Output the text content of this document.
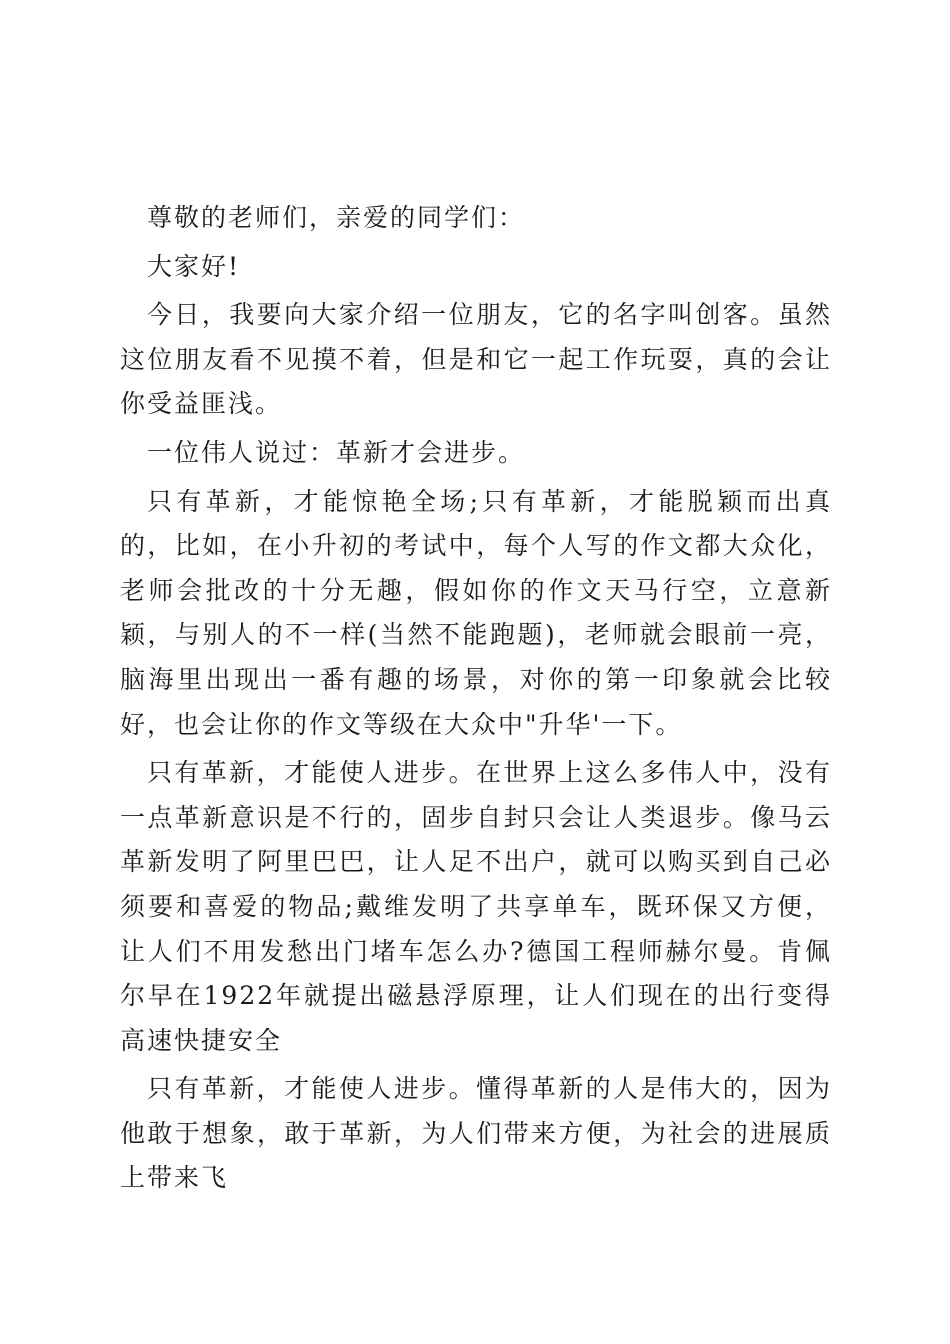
尊敬的老师们，亲爱的同学们：

大家好!

今日，我要向大家介绍一位朋友，它的名字叫创客。虽然这位朋友看不见摸不着，但是和它一起工作玩耍，真的会让你受益匪浅。

一位伟人说过：革新才会进步。

只有革新，才能惊艳全场;只有革新，才能脱颖而出真的，比如，在小升初的考试中，每个人写的作文都大众化，老师会批改的十分无趣，假如你的作文天马行空，立意新颖，与别人的不一样(当然不能跑题)，老师就会眼前一亮，脑海里出现出一番有趣的场景，对你的第一印象就会比较好，也会让你的作文等级在大众中"升华'一下。

只有革新，才能使人进步。在世界上这么多伟人中，没有一点革新意识是不行的，固步自封只会让人类退步。像马云革新发明了阿里巴巴，让人足不出户，就可以购买到自己必须要和喜爱的物品;戴维发明了共享单车，既环保又方便，让人们不用发愁出门堵车怎么办?德国工程师赫尔曼。肯佩尔早在1922年就提出磁悬浮原理，让人们现在的出行变得高速快捷安全

只有革新，才能使人进步。懂得革新的人是伟大的，因为他敢于想象，敢于革新，为人们带来方便，为社会的进展质上带来飞
